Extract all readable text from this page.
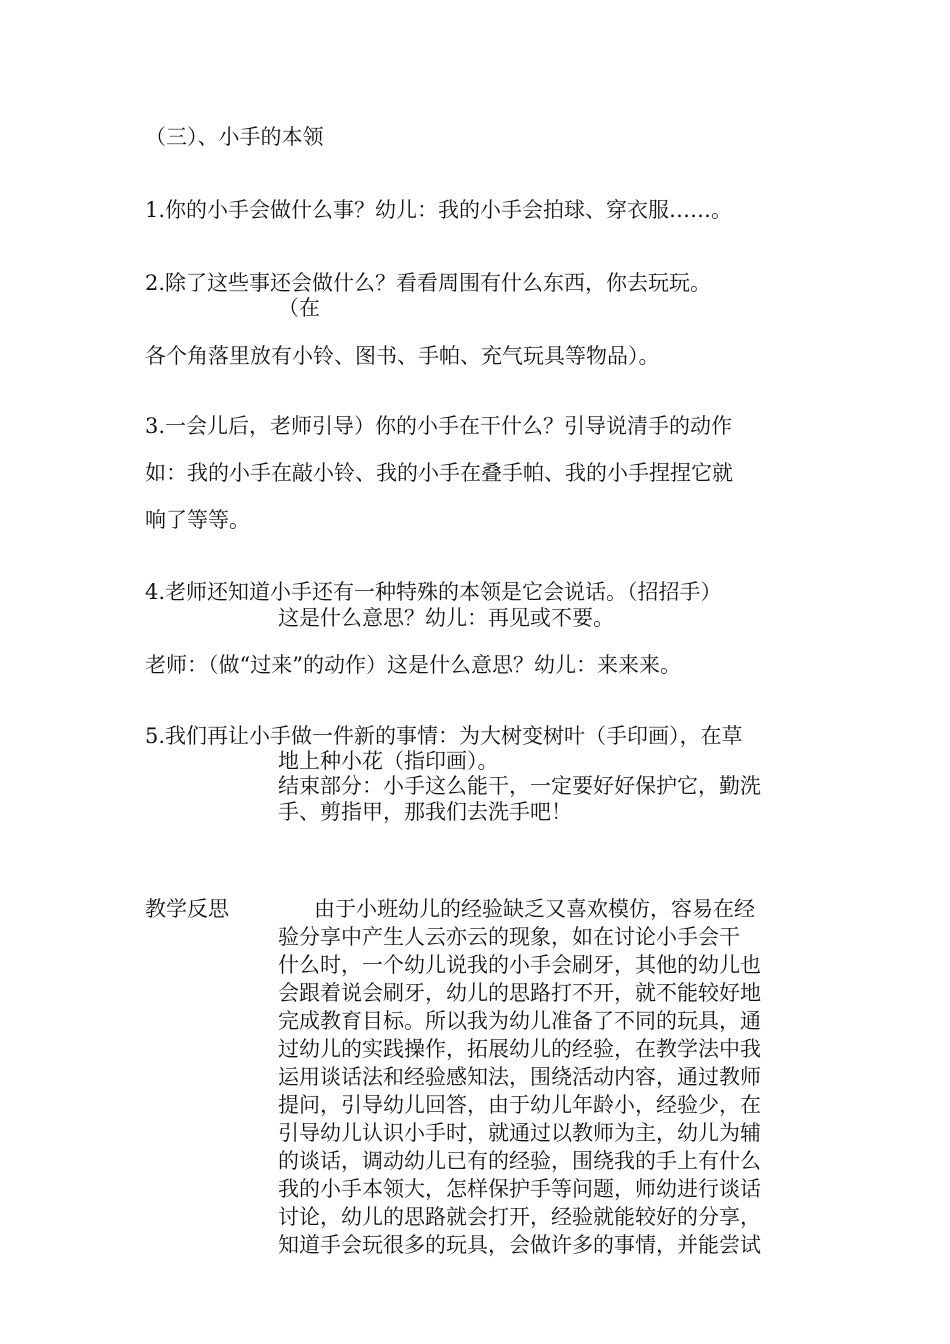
（三）、小手的本领
1.你的小手会做什么事？幼儿：我的小手会拍球、穿衣服……。
2.除了这些事还会做什么？看看周围有什么东西，你去玩玩。
（在
各个角落里放有小铃、图书、手帕、充气玩具等物品）。
3.一会儿后，老师引导）你的小手在干什么？引导说清手的动作
如：我的小手在敲小铃、我的小手在叠手帕、我的小手捏捏它就
响了等等。
4.老师还知道小手还有一种特殊的本领是它会说话。（招招手）
这是什么意思？幼儿：再见或不要。
老师：（做“过来”的动作）这是什么意思？幼儿：来来来。
5.我们再让小手做一件新的事情：为大树变树叶（手印画），在草
地上种小花（指印画）。
结束部分：小手这么能干，一定要好好保护它，勤洗
手、剪指甲，那我们去洗手吧！
教学反思	由于小班幼儿的经验缺乏又喜欢模仿，容易在经
验分享中产生人云亦云的现象，如在讨论小手会干
什么时，一个幼儿说我的小手会刷牙，其他的幼儿也
会跟着说会刷牙，幼儿的思路打不开，就不能较好地
完成教育目标。所以我为幼儿准备了不同的玩具，通
过幼儿的实践操作，拓展幼儿的经验，在教学法中我
运用谈话法和经验感知法，围绕活动内容，通过教师
提问，引导幼儿回答，由于幼儿年龄小，经验少，在
引导幼儿认识小手时，就通过以教师为主，幼儿为辅
的谈话，调动幼儿已有的经验，围绕我的手上有什么
我的小手本领大，怎样保护手等问题，师幼进行谈话
讨论，幼儿的思路就会打开，经验就能较好的分享，
知道手会玩很多的玩具，会做许多的事情，并能尝试
